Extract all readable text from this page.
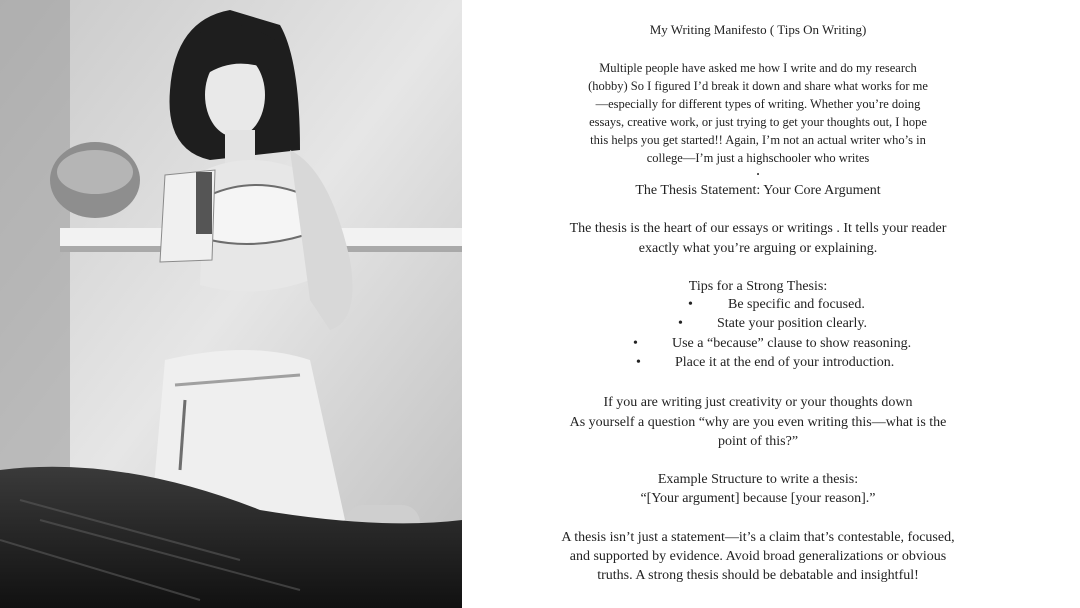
My Writing Manifesto ( Tips On Writing)
Multiple people have asked me how I write and do my research
(hobby) So I figured I’d break it down and share what works for me
—especially for different types of writing. Whether you’re doing
essays, creative work, or just trying to get your thoughts out, I hope
this helps you get started!! Again, I’m not an actual writer who’s in
college—I’m just a highschooler who writes
•
The Thesis Statement: Your Core Argument
The thesis is the heart of our essays or writings . It tells your reader
exactly what you’re arguing or explaining.
Tips for a Strong Thesis:
•	Be specific and focused.
• State your position clearly.
• Use a “because” clause to show reasoning.
• Place it at the end of your introduction.
If you are writing just creativity or your thoughts down
As yourself a question “why are you even writing this—what is the
point of this?”
Example Structure to write a thesis:
“[Your argument] because [your reason].”
A thesis isn’t just a statement—it’s a claim that’s contestable, focused,
and supported by evidence. Avoid broad generalizations or obvious
truths. A strong thesis should be debatable and insightful!
